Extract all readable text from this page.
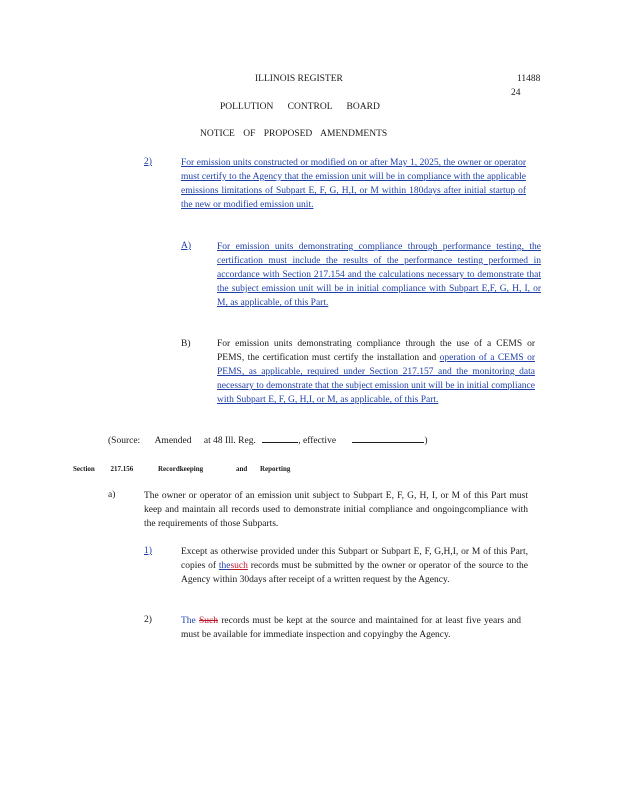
ILLINOIS REGISTER	11488
24
POLLUTION CONTROL BOARD
NOTICE OF PROPOSED AMENDMENTS
2)	For emission units constructed or modified on or after May 1, 2025, the owner or operator must certify to the Agency that the emission unit will be in compliance with the applicable emissions limitations of Subpart E, F, G, H,I, or M within 180days after initial startup of the new or modified emission unit.
A)	For emission units demonstrating compliance through performance testing, the certification must include the results of the performance testing performed in accordance with Section 217.154 and the calculations necessary to demonstrate that the subject emission unit will be in initial compliance with Subpart E,F, G, H, I, or M, as applicable, of this Part.
B)	For emission units demonstrating compliance through the use of a CEMS or PEMS, the certification must certify the installation and operation of a CEMS or PEMS, as applicable, required under Section 217.157 and the monitoring data necessary to demonstrate that the subject emission unit will be in initial compliance with Subpart E, F, G, H,I, or M, as applicable, of this Part.
(Source: Amended at 48 Ill. Reg.	, effective	)
Section 217.156	Recordkeeping	and Reporting
a)	The owner or operator of an emission unit subject to Subpart E, F, G, H, I, or M of this Part must keep and maintain all records used to demonstrate initial compliance and ongoingcompliance with the requirements of those Subparts.
1)	Except as otherwise provided under this Subpart or Subpart E, F, G,H,I, or M of this Part, copies of thesuch records must be submitted by the owner or operator of the source to the Agency within 30days after receipt of a written request by the Agency.
2)	The Such records must be kept at the source and maintained for at least five years and must be available for immediate inspection and copyingby the Agency.
